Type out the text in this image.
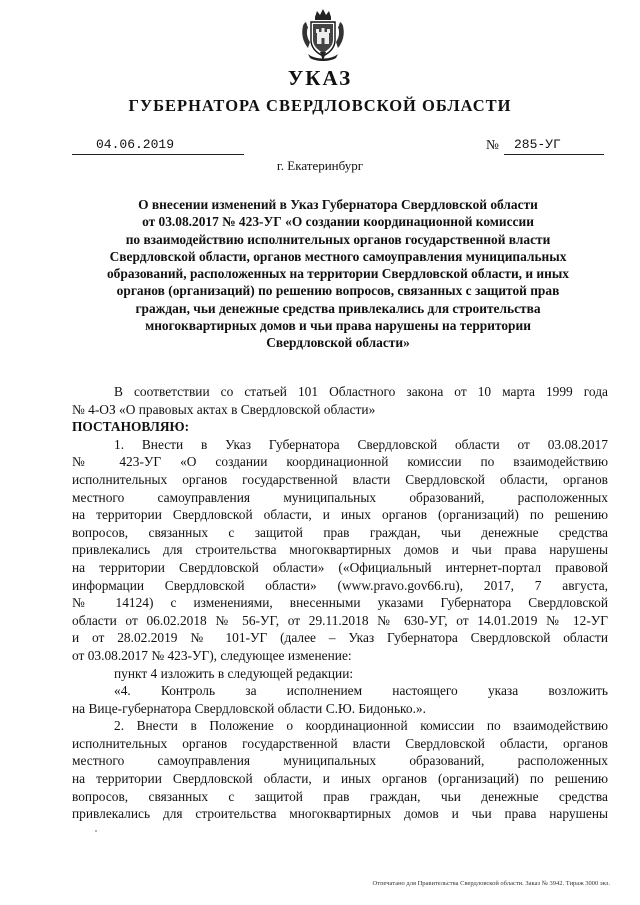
УКАЗ
ГУБЕРНАТОРА СВЕРДЛОВСКОЙ ОБЛАСТИ
04.06.2019	№ 285-УГ
г. Екатеринбург
О внесении изменений в Указ Губернатора Свердловской области
от 03.08.2017 № 423-УГ «О создании координационной комиссии
по взаимодействию исполнительных органов государственной власти
Свердловской области, органов местного самоуправления муниципальных
образований, расположенных на территории Свердловской области, и иных
органов (организаций) по решению вопросов, связанных с защитой прав
граждан, чьи денежные средства привлекались для строительства
многоквартирных домов и чьи права нарушены на территории
Свердловской области»
В соответствии со статьей 101 Областного закона от 10 марта 1999 года
№ 4-ОЗ «О правовых актах в Свердловской области»
ПОСТАНОВЛЯЮ:
1. Внести в Указ Губернатора Свердловской области от 03.08.2017
№ 423-УГ «О создании координационной комиссии по взаимодействию
исполнительных органов государственной власти Свердловской области, органов
местного самоуправления муниципальных образований, расположенных
на территории Свердловской области, и иных органов (организаций) по решению
вопросов, связанных с защитой прав граждан, чьи денежные средства
привлекались для строительства многоквартирных домов и чьи права нарушены
на территории Свердловской области» («Официальный интернет-портал правовой
информации Свердловской области» (www.pravo.gov66.ru), 2017, 7 августа,
№ 14124) с изменениями, внесенными указами Губернатора Свердловской
области от 06.02.2018 № 56-УГ, от 29.11.2018 № 630-УГ, от 14.01.2019 № 12-УГ
и от 28.02.2019 № 101-УГ (далее – Указ Губернатора Свердловской области
от 03.08.2017 № 423-УГ), следующее изменение:
пункт 4 изложить в следующей редакции:
«4. Контроль за исполнением настоящего указа возложить
на Вице-губернатора Свердловской области С.Ю. Бидонько.».
2. Внести в Положение о координационной комиссии по взаимодействию
исполнительных органов государственной власти Свердловской области, органов
местного самоуправления муниципальных образований, расположенных
на территории Свердловской области, и иных органов (организаций) по решению
вопросов, связанных с защитой прав граждан, чьи денежные средства
привлекались для строительства многоквартирных домов и чьи права нарушены
Отпечатано для Правительства Свердловской области. Заказ № 3942. Тираж 3000 экз.
